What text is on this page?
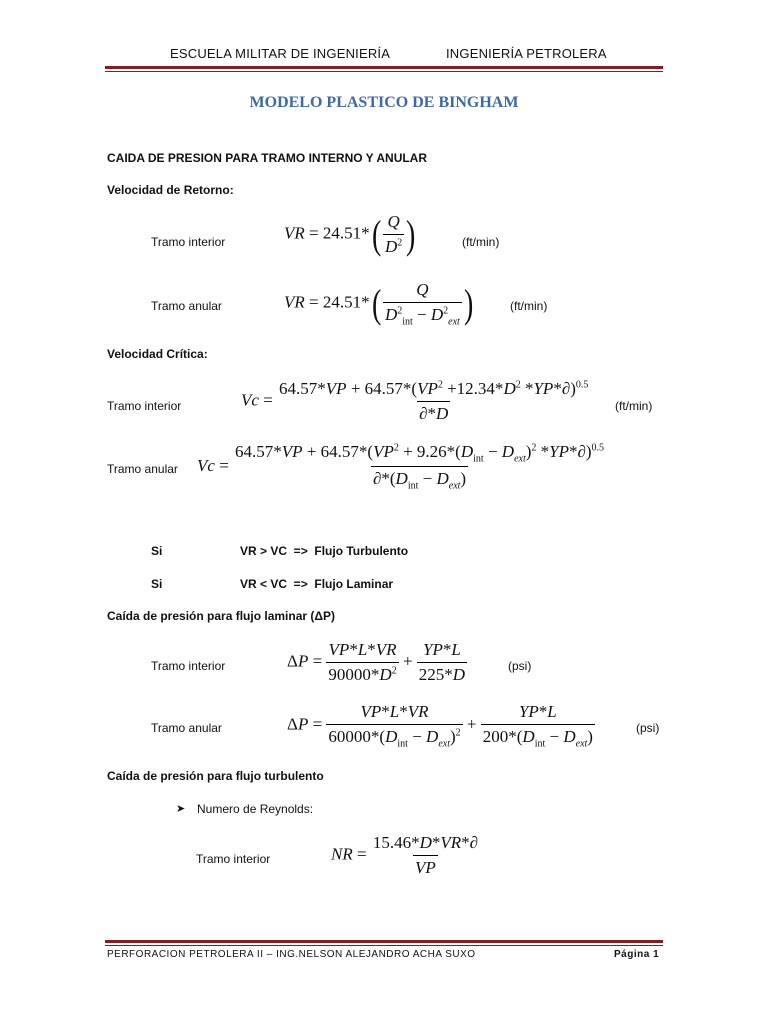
ESCUELA MILITAR DE INGENIERÍA	INGENIERÍA PETROLERA
MODELO PLASTICO DE BINGHAM
CAIDA DE PRESION PARA TRAMO INTERNO Y ANULAR
Velocidad de Retorno:
Tramo interior	VR = $24.51*( \frac{Q}{D^2}$ )	(ft/min)
Tramo anular	VR = $24.51*( \frac{Q}{D^2_{int} - D^2_{ext}}$ )	(ft/min)
Velocidad Crítica:
Tramo interior	$Vc = \frac{64.57*VP + 64.57*(VP^2 +12.34*D^2 *YP*\partial)^{0.5}}{\partial*D} (ft/\min)$
Tramo anular $Vc = \frac{64.57*VP + 64.57*(VP^2 + 9.26*(D_{int} - D_{ext})^2 *YP*\partial)^{0.5}}{\partial*(D_{int} - D_{ext})}$
Si	VR > VC  =>  Flujo Turbulento
Si	VR < VC  =>  Flujo Laminar
Caída de presión para flujo laminar (ΔP)
Tramo interior	$\Delta P = \frac{VP*L*VR}{90000*D^2} + \frac{YP*L}{225*D}$	(psi)
Tramo anular	$\Delta P = \frac{VP*L*VR}{60000*(D_{int} - D_{ext})^2} + \frac{YP*L}{200*(D_{int} - D_{ext})}$	(psi)
Caída de presión para flujo turbulento
➤ Numero de Reynolds:
Tramo interior	NR = $\frac{15.46*D*VR*\partial}{VP}$
PERFORACION PETROLERA II – ING.NELSON ALEJANDRO ACHA SUXO	Página 1
